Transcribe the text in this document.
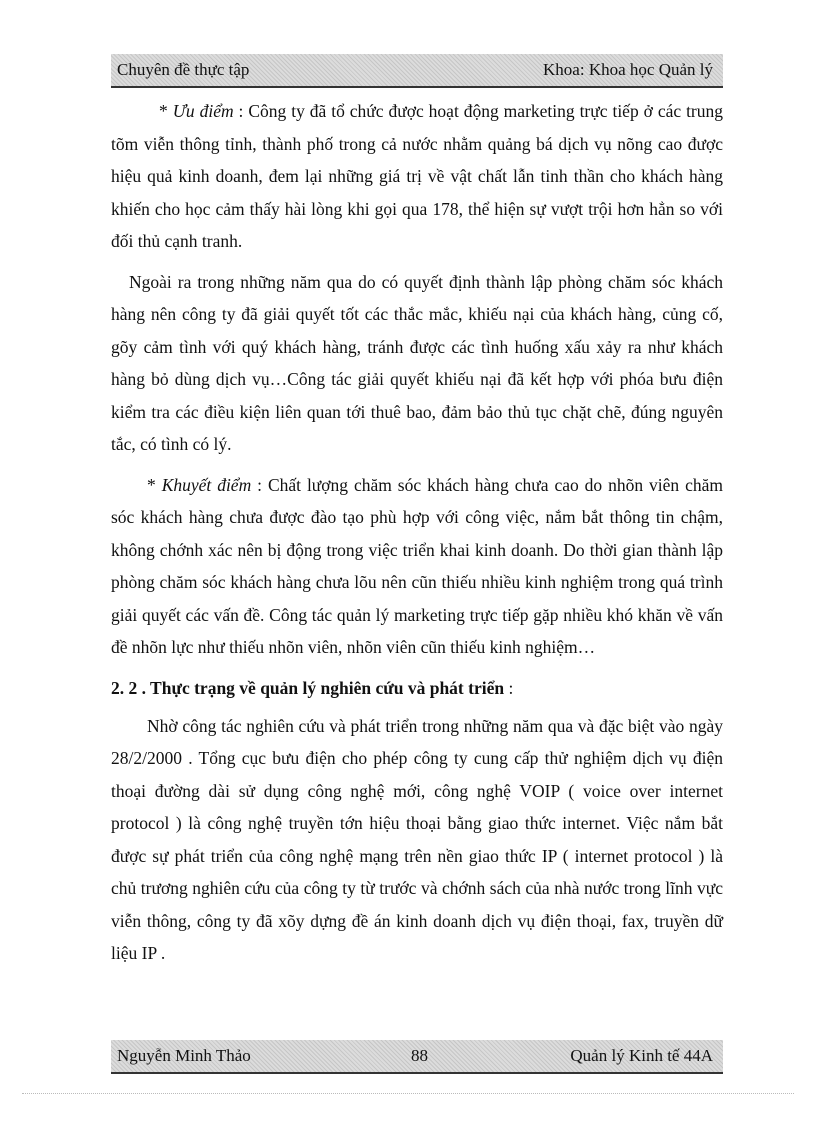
Chuyên đề thực tập	Khoa: Khoa học Quản lý

* Ưu điểm : Công ty đã tổ chức được hoạt động marketing trực tiếp ở các trung tõm viễn thông tỉnh, thành phố trong cả nước nhằm quảng bá dịch vụ nõng cao được hiệu quả kinh doanh, đem lại những giá trị về vật chất lẫn tinh thần cho khách hàng khiến cho học cảm thấy hài lòng khi gọi qua 178, thể hiện sự vượt trội hơn hẳn so với đối thủ cạnh tranh.

Ngoài ra trong những năm qua do có quyết định thành lập phòng chăm sóc khách hàng nên công ty đã giải quyết tốt các thắc mắc, khiếu nại của khách hàng, củng cố, gõy cảm tình với quý khách hàng, tránh được các tình huống xấu xảy ra như khách hàng bỏ dùng dịch vụ…Công tác giải quyết khiếu nại đã kết hợp với phóa bưu điện kiểm tra các điều kiện liên quan tới thuê bao, đảm bảo thủ tục chặt chẽ, đúng nguyên tắc, có tình có lý.

* Khuyết điểm : Chất lượng chăm sóc khách hàng chưa cao do nhõn viên chăm sóc khách hàng chưa được đào tạo phù hợp với công việc, nắm bắt thông tin chậm, không chớnh xác nên bị động trong việc triển khai kinh doanh. Do thời gian thành lập phòng chăm sóc khách hàng chưa lõu nên cũn thiếu nhiều kinh nghiệm trong quá trình giải quyết các vấn đề. Công tác quản lý marketing trực tiếp gặp nhiều khó khăn về vấn đề nhõn lực như thiếu nhõn viên, nhõn viên cũn thiếu kinh nghiệm…

2. 2 . Thực trạng về quản lý nghiên cứu và phát triển :

Nhờ công tác nghiên cứu và phát triển trong những năm qua và đặc biệt vào ngày 28/2/2000 . Tổng cục bưu điện cho phép công ty cung cấp thử nghiệm dịch vụ điện thoại đường dài sử dụng công nghệ mới, công nghệ VOIP ( voice over internet protocol ) là công nghệ truyền tớn hiệu thoại bằng giao thức internet. Việc nắm bắt được sự phát triển của công nghệ mạng trên nền giao thức IP ( internet protocol ) là chủ trương nghiên cứu của công ty từ trước và chớnh sách của nhà nước trong lĩnh vực viễn thông, công ty đã xõy dựng đề án kinh doanh dịch vụ điện thoại, fax, truyền dữ liệu IP .

Nguyễn Minh Thảo	88	Quản lý Kinh tế 44A
